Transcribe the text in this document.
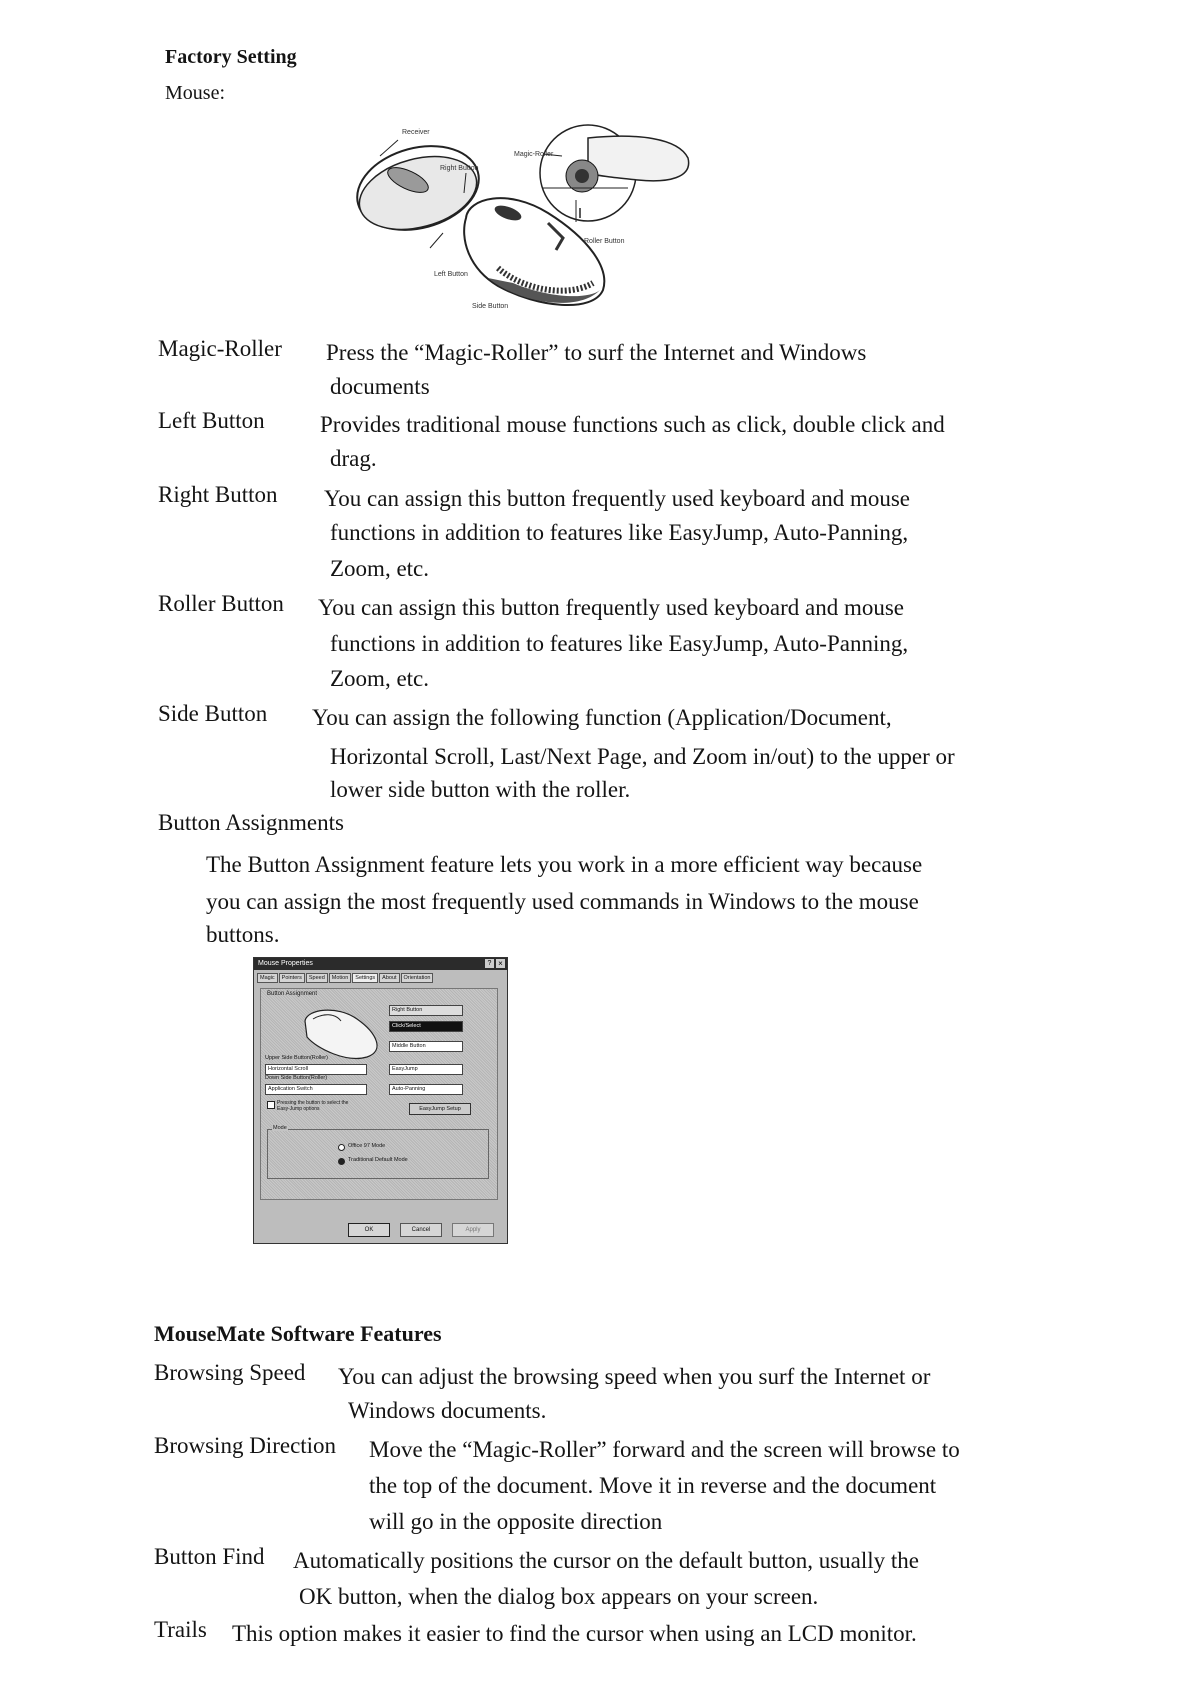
Factory Setting
Mouse:
Receiver
Right Button
Magic-Roller
Roller Button
Left Button
Side Button
Magic-Roller Press the “Magic-Roller” to surf the Internet and Windows
documents
Left Button Provides traditional mouse functions such as click, double click and
drag.
Right Button You can assign this button frequently used keyboard and mouse
functions in addition to features like EasyJump, Auto-Panning,
Zoom, etc.
Roller Button You can assign this button frequently used keyboard and mouse
functions in addition to features like EasyJump, Auto-Panning,
Zoom, etc.
Side Button You can assign the following function (Application/Document,
Horizontal Scroll, Last/Next Page, and Zoom in/out) to the upper or
lower side button with the roller.
Button Assignments
The Button Assignment feature lets you work in a more efficient way because
you can assign the most frequently used commands in Windows to the mouse
buttons.
Mouse Properties	? ×
Magic	Pointers	Speed	Motion	Settings	About	Orientation
Button Assignment
Right Button
Click/Select
Middle Button
Upper Side Button(Roller)
Horizontal Scroll	EasyJump
Down Side Button(Roller)
Application Switch	Auto-Panning
Pressing the button to select the Easy-Jump options	EasyJump Setup
Mode
Office 97 Mode
Traditional Default Mode
OK	Cancel	Apply
MouseMate Software Features
Browsing Speed You can adjust the browsing speed when you surf the Internet or
Windows documents.
Browsing Direction Move the “Magic-Roller” forward and the screen will browse to
the top of the document. Move it in reverse and the document
will go in the opposite direction
Button Find Automatically positions the cursor on the default button, usually the
OK button, when the dialog box appears on your screen.
Trails This option makes it easier to find the cursor when using an LCD monitor.
